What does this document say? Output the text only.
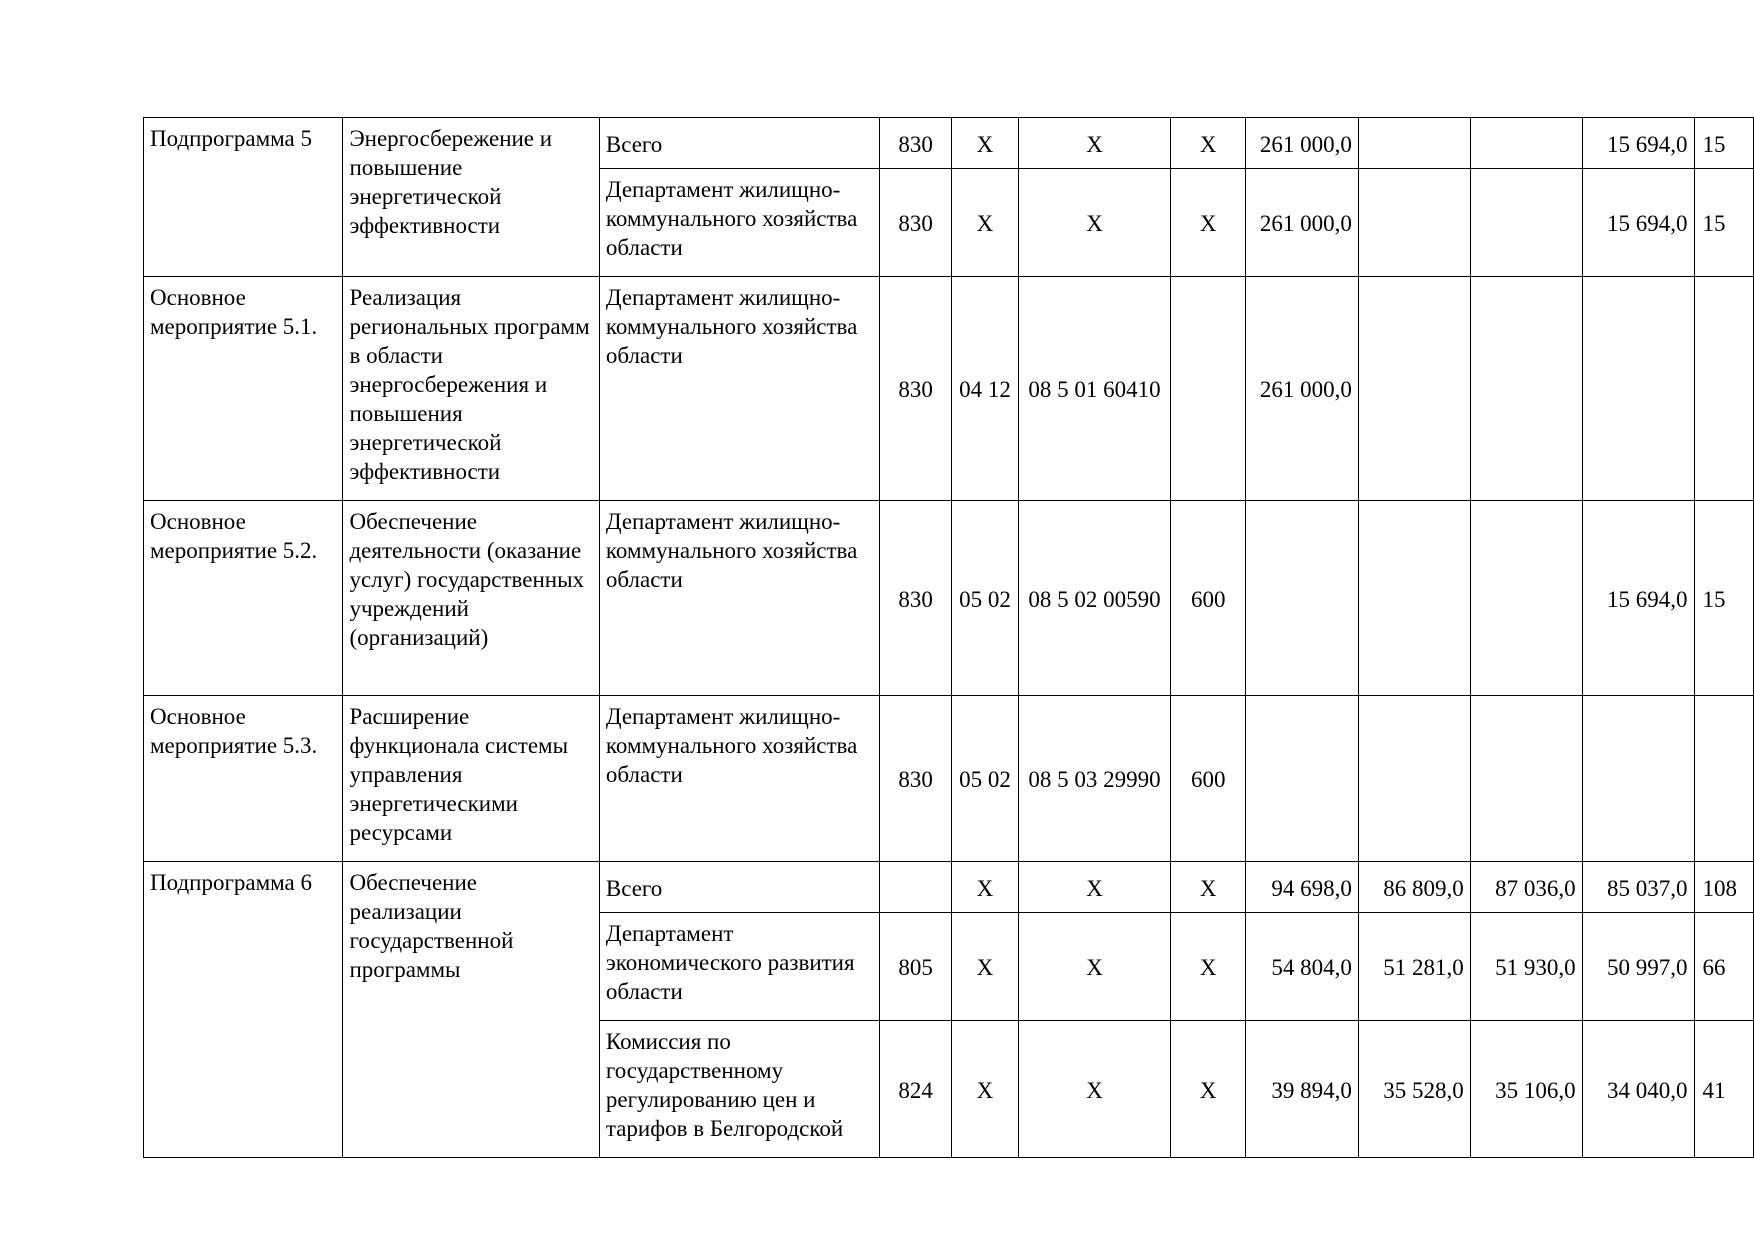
Подпрограмма 5	Энергосбережение и повышение энергетической эффективности	Всего	830	X	X	X	261 000,0			15 694,0	15
		Департамент жилищно-коммунального хозяйства области	830	X	X	X	261 000,0			15 694,0	15
Основное мероприятие 5.1.	Реализация региональных программ в области энергосбережения и повышения энергетической эффективности	Департамент жилищно-коммунального хозяйства области	830	04 12	08 5 01 60410		261 000,0				
Основное мероприятие 5.2.	Обеспечение деятельности (оказание услуг) государственных учреждений (организаций)	Департамент жилищно-коммунального хозяйства области	830	05 02	08 5 02 00590	600				15 694,0	15
Основное мероприятие 5.3.	Расширение функционала системы управления энергетическими ресурсами	Департамент жилищно-коммунального хозяйства области	830	05 02	08 5 03 29990	600					
Подпрограмма 6	Обеспечение реализации государственной программы	Всего		X	X	X	94 698,0	86 809,0	87 036,0	85 037,0	108
		Департамент экономического развития области	805	X	X	X	54 804,0	51 281,0	51 930,0	50 997,0	66
		Комиссия по государственному регулированию цен и тарифов в Белгородской	824	X	X	X	39 894,0	35 528,0	35 106,0	34 040,0	41
